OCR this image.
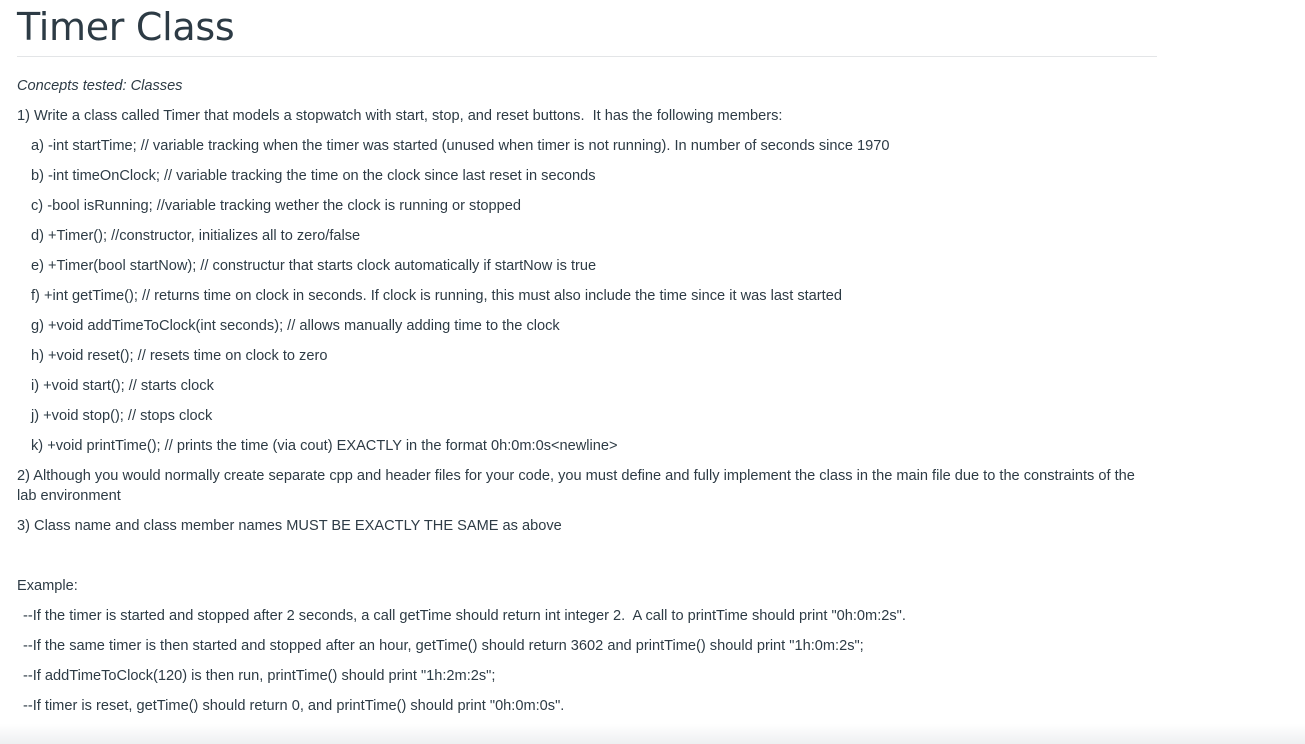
Timer Class
Concepts tested: Classes
1) Write a class called Timer that models a stopwatch with start, stop, and reset buttons.  It has the following members:
a) -int startTime; // variable tracking when the timer was started (unused when timer is not running). In number of seconds since 1970
b) -int timeOnClock; // variable tracking the time on the clock since last reset in seconds
c) -bool isRunning; //variable tracking wether the clock is running or stopped
d) +Timer(); //constructor, initializes all to zero/false
e) +Timer(bool startNow); // constructur that starts clock automatically if startNow is true
f) +int getTime(); // returns time on clock in seconds. If clock is running, this must also include the time since it was last started
g) +void addTimeToClock(int seconds); // allows manually adding time to the clock
h) +void reset(); // resets time on clock to zero
i) +void start(); // starts clock
j) +void stop(); // stops clock
k) +void printTime(); // prints the time (via cout) EXACTLY in the format 0h:0m:0s<newline>
2) Although you would normally create separate cpp and header files for your code, you must define and fully implement the class in the main file due to the constraints of the lab environment
3) Class name and class member names MUST BE EXACTLY THE SAME as above
Example:
--If the timer is started and stopped after 2 seconds, a call getTime should return int integer 2.  A call to printTime should print "0h:0m:2s".
--If the same timer is then started and stopped after an hour, getTime() should return 3602 and printTime() should print "1h:0m:2s";
--If addTimeToClock(120) is then run, printTime() should print "1h:2m:2s";
--If timer is reset, getTime() should return 0, and printTime() should print "0h:0m:0s".
